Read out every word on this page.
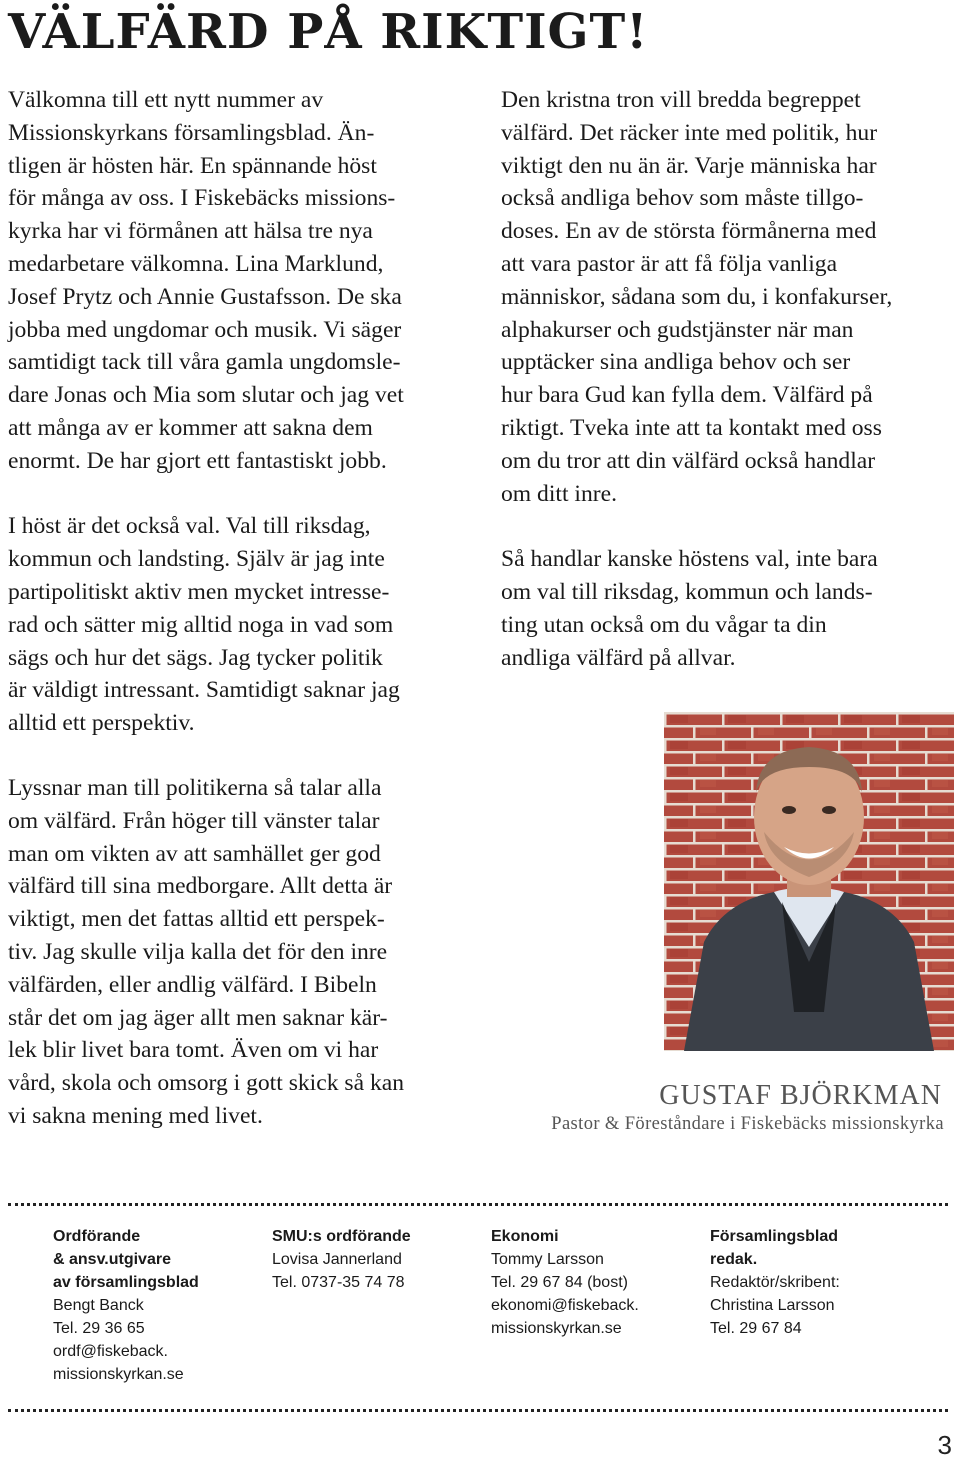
VÄLFÄRD PÅ RIKTIGT!
Välkomna till ett nytt nummer av
Missionskyrkans församlingsblad. Än-
tligen är hösten här. En spännande höst
för många av oss. I Fiskebäcks missions-
kyrka har vi förmånen att hälsa tre nya
medarbetare välkomna. Lina Marklund,
Josef Prytz och Annie Gustafsson. De ska
jobba med ungdomar och musik. Vi säger
samtidigt tack till våra gamla ungdomsle-
dare Jonas och Mia som slutar och jag vet
att många av er kommer att sakna dem
enormt. De har gjort ett fantastiskt jobb.
I höst är det också val. Val till riksdag,
kommun och landsting. Själv är jag inte
partipolitiskt aktiv men mycket intresse-
rad och sätter mig alltid noga in vad som
sägs och hur det sägs. Jag tycker politik
är väldigt intressant. Samtidigt saknar jag
alltid ett perspektiv.
Den kristna tron vill bredda begreppet
välfärd. Det räcker inte med politik, hur
viktigt den nu än är. Varje människa har
också andliga behov som måste tillgo-
doses. En av de största förmånerna med
att vara pastor är att få följa vanliga
människor, sådana som du, i konfakurser,
alphakurser och gudstjänster när man
upptäcker sina andliga behov och ser
hur bara Gud kan fylla dem. Välfärd på
riktigt. Tveka inte att ta kontakt med oss
om du tror att din välfärd också handlar
om ditt inre.
Så handlar kanske höstens val, inte bara
om val till riksdag, kommun och lands-
ting utan också om du vågar ta din
andliga välfärd på allvar.
Lyssnar man till politikerna så talar alla
om välfärd. Från höger till vänster talar
man om vikten av att samhället ger god
välfärd till sina medborgare. Allt detta är
viktigt, men det fattas alltid ett perspek-
tiv. Jag skulle vilja kalla det för den inre
välfärden, eller andlig välfärd. I Bibeln
står det om jag äger allt men saknar kär-
lek blir livet bara tomt. Även om vi har
vård, skola och omsorg i gott skick så kan
vi sakna mening med livet.
GUSTAF BJÖRKMAN
Pastor & Föreståndare i Fiskebäcks missionskyrka
Ordförande
& ansv.utgivare
av församlingsblad
Bengt Banck
Tel. 29 36 65
ordf@fiskeback.
missionskyrkan.se
SMU:s ordförande
Lovisa Jannerland
Tel. 0737-35 74 78
Ekonomi
Tommy Larsson
Tel. 29 67 84 (bost)
ekonomi@fiskeback.
missionskyrkan.se
Församlingsblad
redak.
Redaktör/skribent:
Christina Larsson
Tel. 29 67 84
3
